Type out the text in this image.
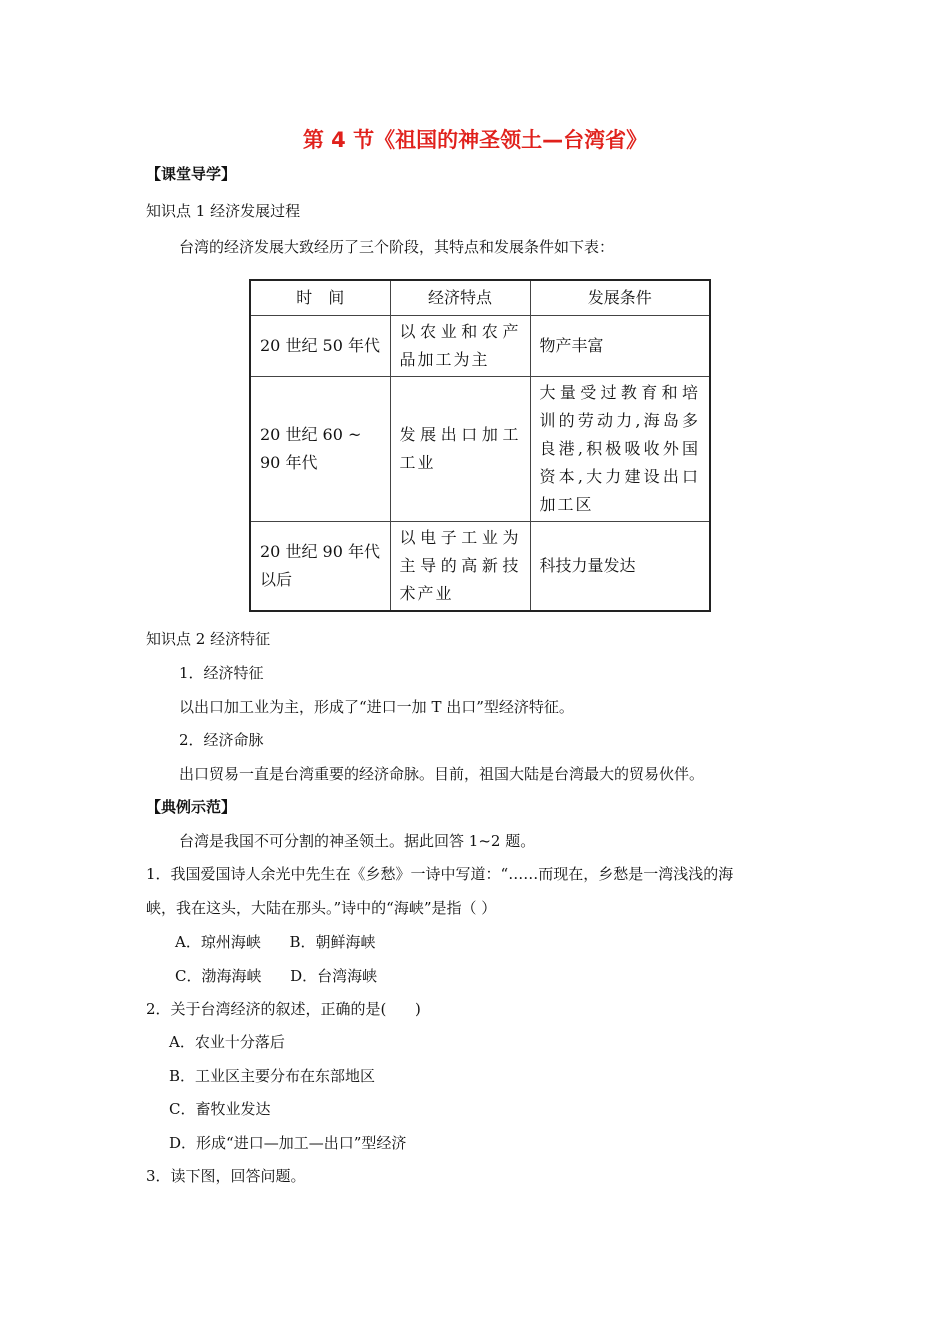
第 4 节《祖国的神圣领土—台湾省》
【课堂导学】
知识点 1 经济发展过程
台湾的经济发展大致经历了三个阶段，其特点和发展条件如下表：
时　间	经济特点	发展条件
20 世纪 50 年代	以农业和农产品加工为主	物产丰富
20 世纪 60 ~ 90 年代	发展出口加工工业	大量受过教育和培训的劳动力,海岛多良港,积极吸收外国资本,大力建设出口加工区
20 世纪 90 年代以后	以电子工业为主导的高新技术产业	科技力量发达
知识点 2 经济特征
1．经济特征
以出口加工业为主，形成了“进口一加 T 出口”型经济特征。
2．经济命脉
出口贸易一直是台湾重要的经济命脉。目前，祖国大陆是台湾最大的贸易伙伴。
【典例示范】
台湾是我国不可分割的神圣领土。据此回答 1~2 题。
1．我国爱国诗人余光中先生在《乡愁》一诗中写道：“……而现在，乡愁是一湾浅浅的海
峡，我在这头，大陆在那头。”诗中的“海峡”是指（ ）
A．琼州海峡      B．朝鲜海峡
C．渤海海峡      D．台湾海峡
2．关于台湾经济的叙述，正确的是(      )
A．农业十分落后
B．工业区主要分布在东部地区
C．畜牧业发达
D．形成“进口—加工—出口”型经济
3．读下图，回答问题。
